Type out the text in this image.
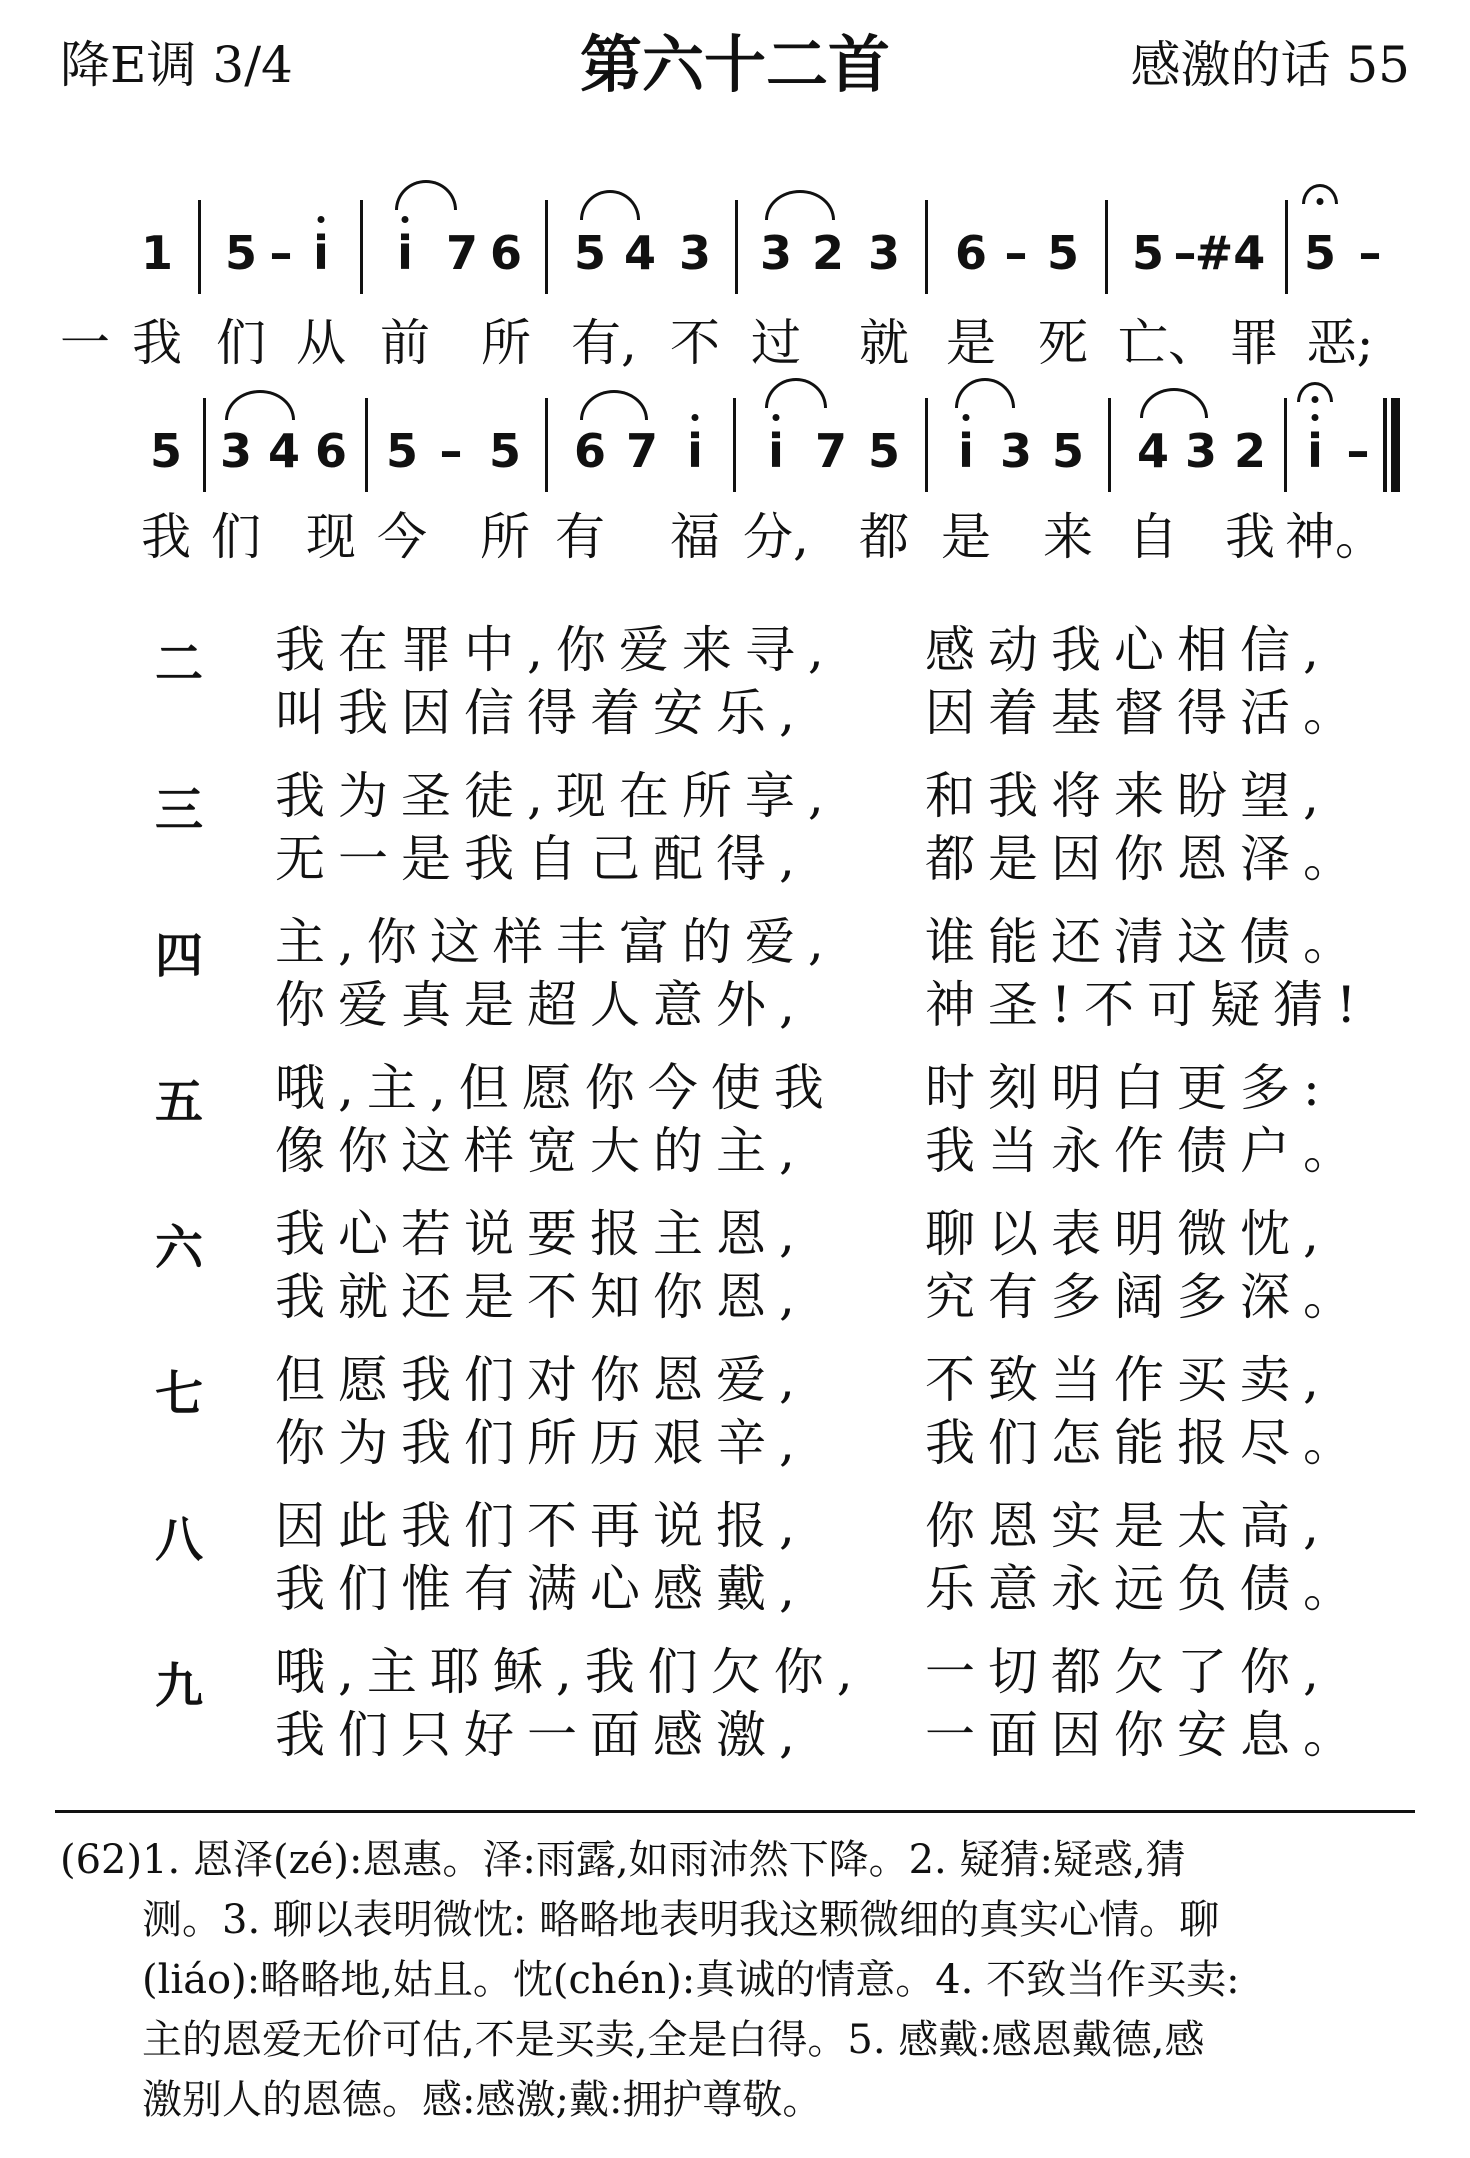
降E调 3/4	第六十二首	感激的话 55
1 5 – i i 7 6 5 4 3 3 2 3 6 – 5 5 –
#4 5 –
一 我 们 从 前 所 有, 不 过 就 是 死 亡、 罪 恶;
5 3 4 6 5 – 5 6 7 i i 7 5 i 3 5 4 3 2 i –
我 们 现 今 所 有 福 分, 都 是 来 自 我 神。
二 我在罪中,你爱来寻, 感动我心相信,
叫我因信得着安乐, 因着基督得活。
三 我为圣徒,现在所享, 和我将来盼望,
无一是我自己配得, 都是因你恩泽。
四 主,你这样丰富的爱, 谁能还清这债。
你爱真是超人意外, 神圣!不可疑猜!
五 哦,主,但愿你今使我 时刻明白更多:
像你这样宽大的主, 我当永作债户。
六 我心若说要报主恩, 聊以表明微忱,
我就还是不知你恩, 究有多阔多深。
七 但愿我们对你恩爱, 不致当作买卖,
你为我们所历艰辛, 我们怎能报尽。
八 因此我们不再说报, 你恩实是太高,
我们惟有满心感戴, 乐意永远负债。
九 哦,主耶稣,我们欠你, 一切都欠了你,
我们只好一面感激, 一面因你安息。
(62)1. 恩泽(zé):恩惠。泽:雨露,如雨沛然下降。2. 疑猜:疑惑,猜
测。3. 聊以表明微忱: 略略地表明我这颗微细的真实心情。聊
(liáo):略略地,姑且。忱(chén):真诚的情意。4. 不致当作买卖:
主的恩爱无价可估,不是买卖,全是白得。5. 感戴:感恩戴德,感
激别人的恩德。感:感激;戴:拥护尊敬。
